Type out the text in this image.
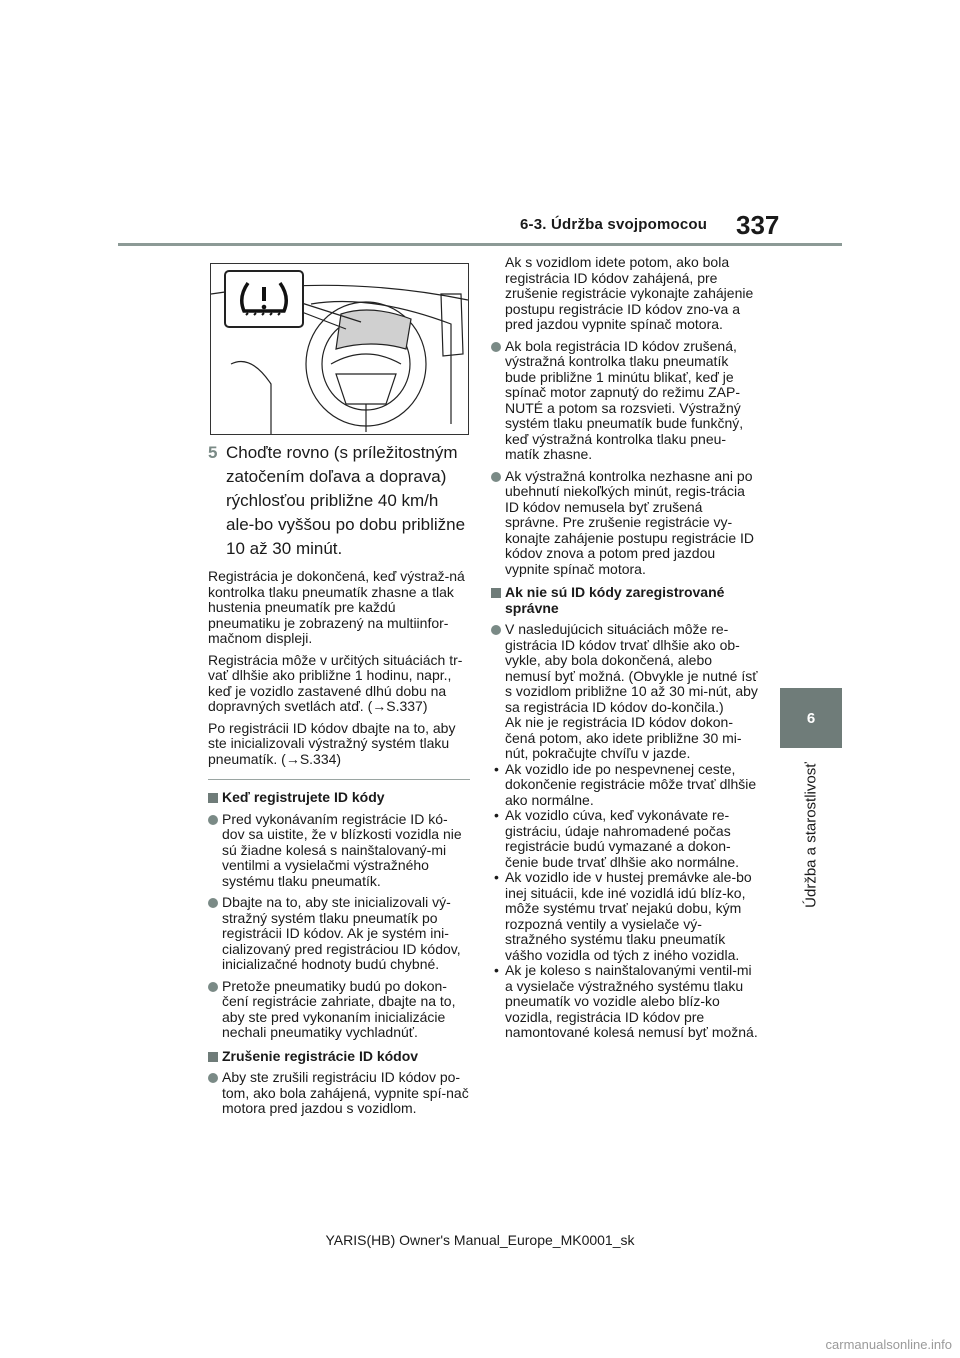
6-3. Údržba svojpomocou 337
6
Údržba a starostlivosť
5 Choďte rovno (s príležitostným zatočením doľava a doprava) rýchlosťou približne 40 km/h ale-bo vyššou po dobu približne 10 až 30 minút.

Registrácia je dokončená, keď výstraž-ná kontrolka tlaku pneumatík zhasne a tlak hustenia pneumatík pre každú pneumatiku je zobrazený na multiinfor-mačnom displeji.

Registrácia môže v určitých situáciách tr-vať dlhšie ako približne 1 hodinu, napr., keď je vozidlo zastavené dlhú dobu na dopravných svetlách atď. (→S.337)

Po registrácii ID kódov dbajte na to, aby ste inicializovali výstražný systém tlaku pneumatík. (→S.334)

Keď registrujete ID kódy
Pred vykonávaním registrácie ID kó-dov sa uistite, že v blízkosti vozidla nie sú žiadne kolesá s nainštalovaný-mi ventilmi a vysielačmi výstražného systému tlaku pneumatík.
Dbajte na to, aby ste inicializovali vý-stražný systém tlaku pneumatík po registrácii ID kódov. Ak je systém ini-cializovaný pred registráciou ID kódov, inicializačné hodnoty budú chybné.
Pretože pneumatiky budú po dokon-čení registrácie zahriate, dbajte na to, aby ste pred vykonaním inicializácie nechali pneumatiky vychladnúť.
Zrušenie registrácie ID kódov
Aby ste zrušili registráciu ID kódov po-tom, ako bola zahájená, vypnite spí-nač motora pred jazdou s vozidlom.

Ak s vozidlom idete potom, ako bola registrácia ID kódov zahájená, pre zrušenie registrácie vykonajte zahájenie postupu registrácie ID kódov zno-va a pred jazdou vypnite spínač motora.

Ak bola registrácia ID kódov zrušená, výstražná kontrolka tlaku pneumatík bude približne 1 minútu blikať, keď je spínač motor zapnutý do režimu ZAP-NUTÉ a potom sa rozsvieti. Výstražný systém tlaku pneumatík bude funkčný, keď výstražná kontrolka tlaku pneu-matík zhasne.
Ak výstražná kontrolka nezhasne ani po ubehnutí niekoľkých minút, regis-trácia ID kódov nemusela byť zrušená správne. Pre zrušenie registrácie vy-konajte zahájenie postupu registrácie ID kódov znova a potom pred jazdou vypnite spínač motora.
Ak nie sú ID kódy zaregistrované správne
V nasledujúcich situáciách môže re-gistrácia ID kódov trvať dlhšie ako ob-vykle, aby bola dokončená, alebo nemusí byť možná. (Obvykle je nutné ísť s vozidlom približne 10 až 30 mi-nút, aby sa registrácia ID kódov do-končila.)

Ak nie je registrácia ID kódov dokon-čená potom, ako idete približne 30 mi-nút, pokračujte chvíľu v jazde.

• Ak vozidlo ide po nespevnenej ceste, dokončenie registrácie môže trvať dlhšie ako normálne.
• Ak vozidlo cúva, keď vykonávate re-gistráciu, údaje nahromadené počas registrácie budú vymazané a dokon-čenie bude trvať dlhšie ako normálne.
• Ak vozidlo ide v hustej premávke ale-bo inej situácii, kde iné vozidlá idú blíz-ko, môže systému trvať nejakú dobu, kým rozpozná ventily a vysielače vý-stražného systému tlaku pneumatík vášho vozidla od tých z iného vozidla.
• Ak je koleso s nainštalovanými ventil-mi a vysielače výstražného systému tlaku pneumatík vo vozidle alebo blíz-ko vozidla, registrácia ID kódov pre namontované kolesá nemusí byť možná.
YARIS(HB) Owner's Manual_Europe_MK0001_sk
carmanualsonline.info
